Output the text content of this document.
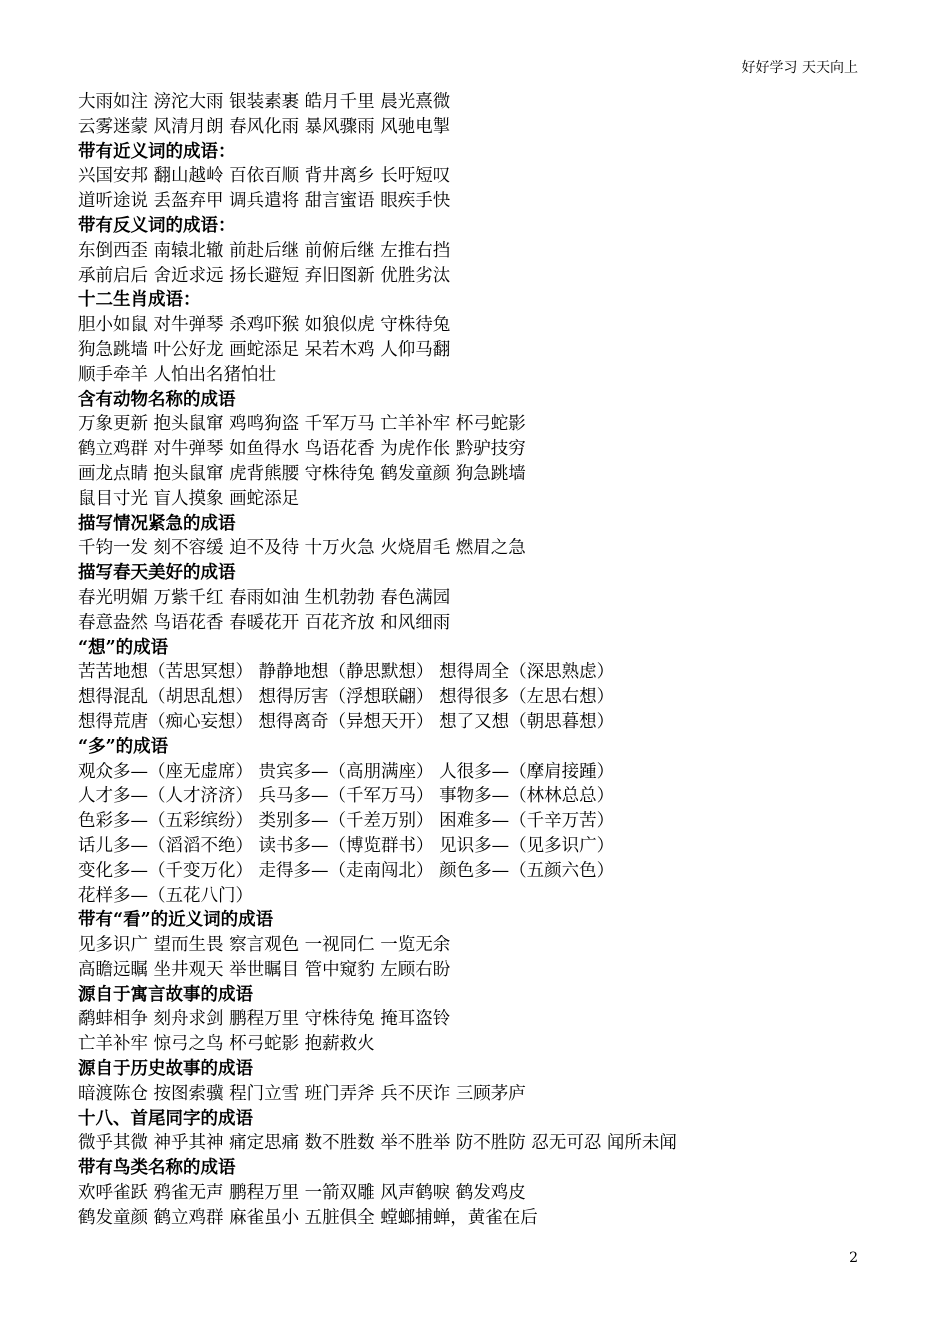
好好学习 天天向上
大雨如注 滂沱大雨 银装素裹 皓月千里 晨光熹微
云雾迷蒙 风清月朗 春风化雨 暴风骤雨 风驰电掣
带有近义词的成语：
兴国安邦 翻山越岭 百依百顺 背井离乡 长吁短叹
道听途说 丢盔弃甲 调兵遣将 甜言蜜语 眼疾手快
带有反义词的成语：
东倒西歪 南辕北辙 前赴后继 前俯后继 左推右挡
承前启后 舍近求远 扬长避短 弃旧图新 优胜劣汰
十二生肖成语：
胆小如鼠 对牛弹琴 杀鸡吓猴 如狼似虎 守株待兔
狗急跳墙 叶公好龙 画蛇添足 呆若木鸡 人仰马翻
顺手牵羊 人怕出名猪怕壮
含有动物名称的成语
万象更新 抱头鼠窜 鸡鸣狗盗 千军万马 亡羊补牢 杯弓蛇影
鹤立鸡群 对牛弹琴 如鱼得水 鸟语花香 为虎作伥 黔驴技穷
画龙点睛 抱头鼠窜 虎背熊腰 守株待兔 鹤发童颜 狗急跳墙
鼠目寸光 盲人摸象 画蛇添足
描写情况紧急的成语
千钧一发 刻不容缓 迫不及待 十万火急 火烧眉毛 燃眉之急
描写春天美好的成语
春光明媚 万紫千红 春雨如油 生机勃勃 春色满园
春意盎然 鸟语花香 春暖花开 百花齐放 和风细雨
“想”的成语
苦苦地想（苦思冥想） 静静地想（静思默想） 想得周全（深思熟虑）
想得混乱（胡思乱想） 想得厉害（浮想联翩） 想得很多（左思右想）
想得荒唐（痴心妄想） 想得离奇（异想天开） 想了又想（朝思暮想）
“多”的成语
观众多—（座无虚席） 贵宾多—（高朋满座） 人很多—（摩肩接踵）
人才多—（人才济济） 兵马多—（千军万马） 事物多—（林林总总）
色彩多—（五彩缤纷） 类别多—（千差万别） 困难多—（千辛万苦）
话儿多—（滔滔不绝） 读书多—（博览群书） 见识多—（见多识广）
变化多—（千变万化） 走得多—（走南闯北） 颜色多—（五颜六色）
花样多—（五花八门）
带有“看”的近义词的成语
见多识广 望而生畏 察言观色 一视同仁 一览无余
高瞻远瞩 坐井观天 举世瞩目 管中窥豹 左顾右盼
源自于寓言故事的成语
鹬蚌相争 刻舟求剑 鹏程万里 守株待兔 掩耳盗铃
亡羊补牢 惊弓之鸟 杯弓蛇影 抱薪救火
源自于历史故事的成语
暗渡陈仓 按图索骥 程门立雪 班门弄斧 兵不厌诈 三顾茅庐
十八、首尾同字的成语
微乎其微 神乎其神 痛定思痛 数不胜数 举不胜举 防不胜防 忍无可忍 闻所未闻
带有鸟类名称的成语
欢呼雀跃 鸦雀无声 鹏程万里 一箭双雕 风声鹤唳 鹤发鸡皮
鹤发童颜 鹤立鸡群 麻雀虽小 五脏俱全 螳螂捕蝉，黄雀在后
2
